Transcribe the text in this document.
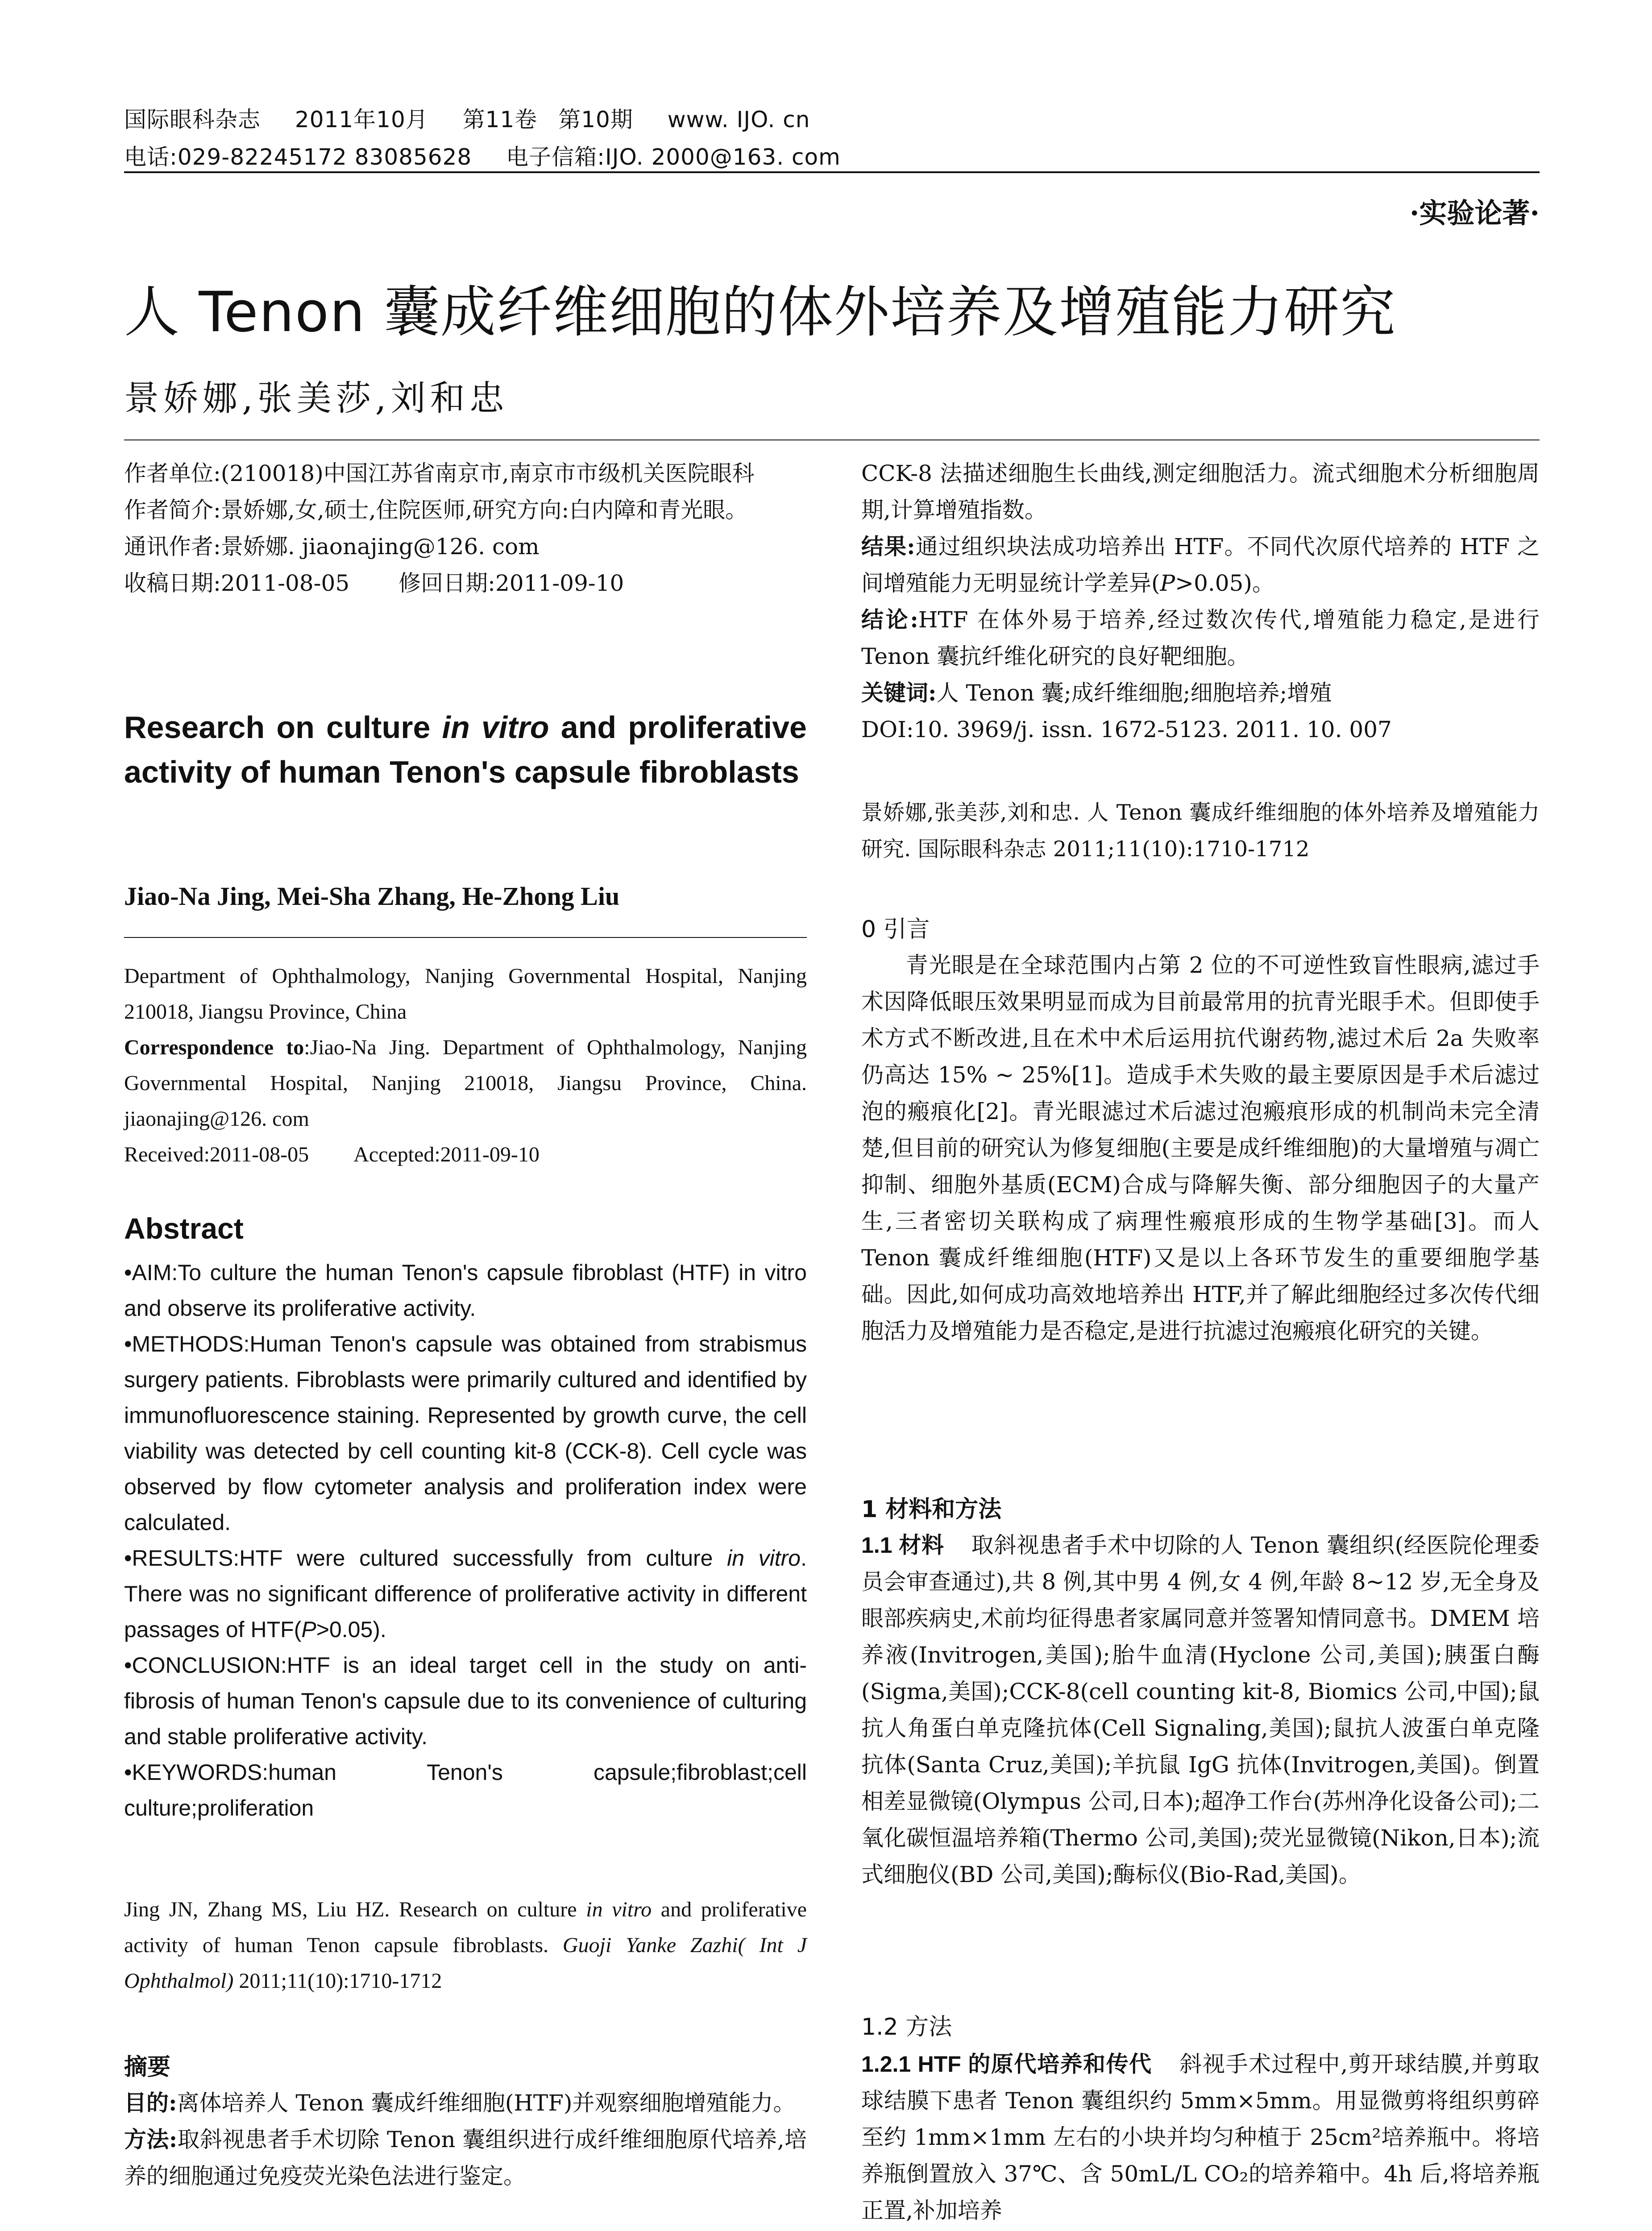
国际眼科杂志 2011年10月 第11卷 第10期 www. IJO. cn
电话:029-82245172 83085628 电子信箱:IJO. 2000@163. com
·实验论著·
人 Tenon 囊成纤维细胞的体外培养及增殖能力研究
景娇娜,张美莎,刘和忠

作者单位:(210018)中国江苏省南京市,南京市市级机关医院眼科

作者简介:景娇娜,女,硕士,住院医师,研究方向:白内障和青光眼。

通讯作者:景娇娜. jiaonajing@126. com

收稿日期:2011-08-05 修回日期:2011-09-10

Research on culture in vitro and proliferative activity of human Tenon's capsule fibroblasts
Jiao-Na Jing, Mei-Sha Zhang, He-Zhong Liu
Department of Ophthalmology, Nanjing Governmental Hospital, Nanjing 210018, Jiangsu Province, China
Correspondence to:Jiao-Na Jing. Department of Ophthalmology, Nanjing Governmental Hospital, Nanjing 210018, Jiangsu Province, China. jiaonajing@126. com
Received:2011-08-05 Accepted:2011-09-10
Abstract

•AIM:To culture the human Tenon's capsule fibroblast (HTF) in vitro and observe its proliferative activity.

•METHODS:Human Tenon's capsule was obtained from strabismus surgery patients. Fibroblasts were primarily cultured and identified by immunofluorescence staining. Represented by growth curve, the cell viability was detected by cell counting kit-8 (CCK-8). Cell cycle was observed by flow cytometer analysis and proliferation index were calculated.

•RESULTS:HTF were cultured successfully from culture in vitro. There was no significant difference of proliferative activity in different passages of HTF(P>0.05).

•CONCLUSION:HTF is an ideal target cell in the study on anti-fibrosis of human Tenon's capsule due to its convenience of culturing and stable proliferative activity.

•KEYWORDS:human Tenon's capsule;fibroblast;cell culture;proliferation

Jing JN, Zhang MS, Liu HZ. Research on culture in vitro and proliferative activity of human Tenon capsule fibroblasts. Guoji Yanke Zazhi( Int J Ophthalmol) 2011;11(10):1710-1712
摘要

目的:离体培养人 Tenon 囊成纤维细胞(HTF)并观察细胞增殖能力。

方法:取斜视患者手术切除 Tenon 囊组织进行成纤维细胞原代培养,培养的细胞通过免疫荧光染色法进行鉴定。

CCK-8 法描述细胞生长曲线,测定细胞活力。流式细胞术分析细胞周期,计算增殖指数。

结果:通过组织块法成功培养出 HTF。不同代次原代培养的 HTF 之间增殖能力无明显统计学差异(P>0.05)。

结论:HTF 在体外易于培养,经过数次传代,增殖能力稳定,是进行 Tenon 囊抗纤维化研究的良好靶细胞。

关键词:人 Tenon 囊;成纤维细胞;细胞培养;增殖

DOI:10. 3969/j. issn. 1672-5123. 2011. 10. 007

景娇娜,张美莎,刘和忠. 人 Tenon 囊成纤维细胞的体外培养及增殖能力研究. 国际眼科杂志 2011;11(10):1710-1712
0 引言
青光眼是在全球范围内占第 2 位的不可逆性致盲性眼病,滤过手术因降低眼压效果明显而成为目前最常用的抗青光眼手术。但即使手术方式不断改进,且在术中术后运用抗代谢药物,滤过术后 2a 失败率仍高达 15% ~ 25%[1]。造成手术失败的最主要原因是手术后滤过泡的瘢痕化[2]。青光眼滤过术后滤过泡瘢痕形成的机制尚未完全清楚,但目前的研究认为修复细胞(主要是成纤维细胞)的大量增殖与凋亡抑制、细胞外基质(ECM)合成与降解失衡、部分细胞因子的大量产生,三者密切关联构成了病理性瘢痕形成的生物学基础[3]。而人 Tenon 囊成纤维细胞(HTF)又是以上各环节发生的重要细胞学基础。因此,如何成功高效地培养出 HTF,并了解此细胞经过多次传代细胞活力及增殖能力是否稳定,是进行抗滤过泡瘢痕化研究的关键。
1 材料和方法

1.1 材料 取斜视患者手术中切除的人 Tenon 囊组织(经医院伦理委员会审查通过),共 8 例,其中男 4 例,女 4 例,年龄 8~12 岁,无全身及眼部疾病史,术前均征得患者家属同意并签署知情同意书。DMEM 培养液(Invitrogen,美国);胎牛血清(Hyclone 公司,美国);胰蛋白酶(Sigma,美国);CCK-8(cell counting kit-8, Biomics 公司,中国);鼠抗人角蛋白单克隆抗体(Cell Signaling,美国);鼠抗人波蛋白单克隆抗体(Santa Cruz,美国);羊抗鼠 IgG 抗体(Invitrogen,美国)。倒置相差显微镜(Olympus 公司,日本);超净工作台(苏州净化设备公司);二氧化碳恒温培养箱(Thermo 公司,美国);荧光显微镜(Nikon,日本);流式细胞仪(BD 公司,美国);酶标仪(Bio-Rad,美国)。

1.2 方法

1.2.1 HTF 的原代培养和传代 斜视手术过程中,剪开球结膜,并剪取球结膜下患者 Tenon 囊组织约 5mm×5mm。用显微剪将组织剪碎至约 1mm×1mm 左右的小块并均匀种植于 25cm²培养瓶中。将培养瓶倒置放入 37℃、含 50mL/L CO₂的培养箱中。4h 后,将培养瓶正置,补加培养
